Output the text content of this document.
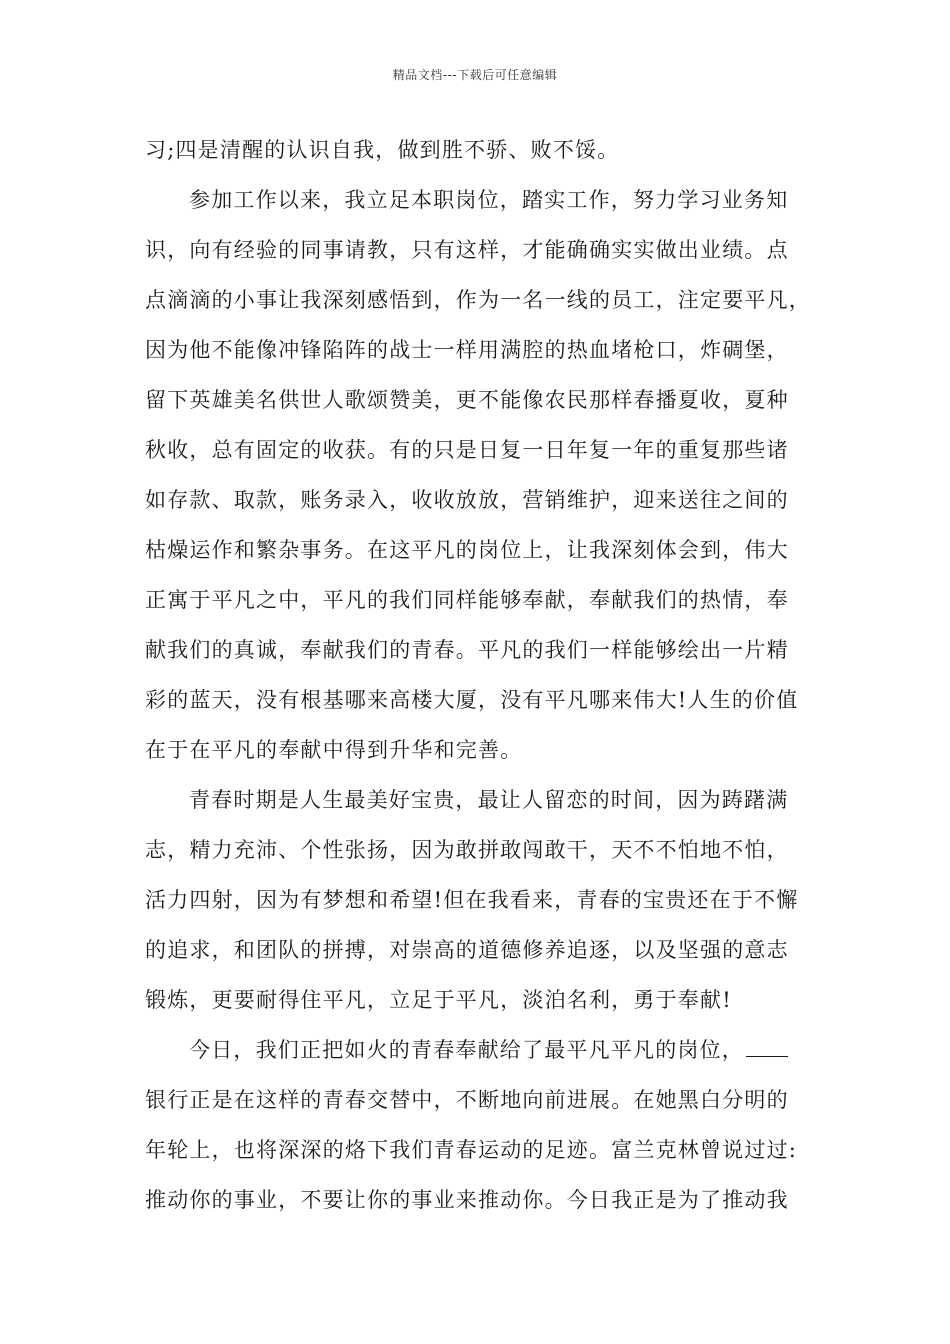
精品文档---下载后可任意编辑
习;四是清醒的认识自我，做到胜不骄、败不馁。
参加工作以来，我立足本职岗位，踏实工作，努力学习业务知
识，向有经验的同事请教，只有这样，才能确确实实做出业绩。点
点滴滴的小事让我深刻感悟到，作为一名一线的员工，注定要平凡，
因为他不能像冲锋陷阵的战士一样用满腔的热血堵枪口，炸碉堡，
留下英雄美名供世人歌颂赞美，更不能像农民那样春播夏收，夏种
秋收，总有固定的收获。有的只是日复一日年复一年的重复那些诸
如存款、取款，账务录入，收收放放，营销维护，迎来送往之间的
枯燥运作和繁杂事务。在这平凡的岗位上，让我深刻体会到，伟大
正寓于平凡之中，平凡的我们同样能够奉献，奉献我们的热情，奉
献我们的真诚，奉献我们的青春。平凡的我们一样能够绘出一片精
彩的蓝天，没有根基哪来高楼大厦，没有平凡哪来伟大!人生的价值
在于在平凡的奉献中得到升华和完善。
青春时期是人生最美好宝贵，最让人留恋的时间，因为踌躇满
志，精力充沛、个性张扬，因为敢拼敢闯敢干，天不不怕地不怕，
活力四射，因为有梦想和希望!但在我看来，青春的宝贵还在于不懈
的追求，和团队的拼搏，对崇高的道德修养追逐，以及坚强的意志
锻炼，更要耐得住平凡，立足于平凡，淡泊名利，勇于奉献!
今日，我们正把如火的青春奉献给了最平凡平凡的岗位，
银行正是在这样的青春交替中，不断地向前进展。在她黑白分明的
年轮上，也将深深的烙下我们青春运动的足迹。富兰克林曾说过过:
推动你的事业，不要让你的事业来推动你。今日我正是为了推动我
